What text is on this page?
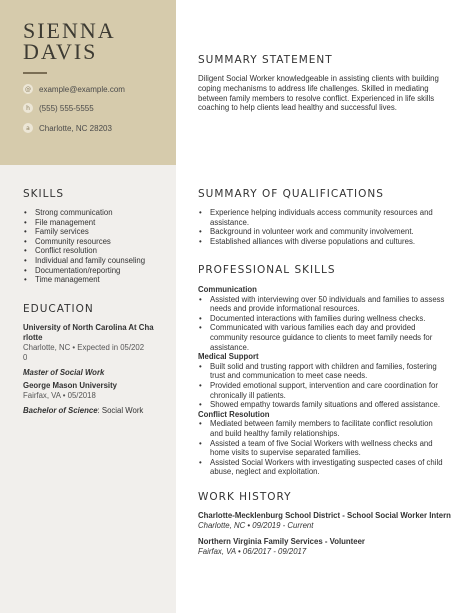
SIENNA
DAVIS
@ example@example.com
h	(555) 555-5555
a	Charlotte, NC 28203
SUMMARY STATEMENT
Diligent Social Worker knowledgeable in assisting clients with building
coping mechanisms to address life challenges. Skilled in mediating
between family members to resolve conflict. Experienced in life skills
coaching to help clients lead healthy and successful lives.
SKILLS
• Strong communication
• File management
• Family services
• Community resources
• Conflict resolution
• Individual and family counseling
• Documentation/reporting
• Time management
EDUCATION
University of North Carolina At Cha
rlotte
Charlotte, NC • Expected in 05/202
0
Master of Social Work
George Mason University
Fairfax, VA • 05/2018
Bachelor of Science: Social Work
SUMMARY OF QUALIFICATIONS
• Experience helping individuals access community resources and
assistance.
• Background in volunteer work and community involvement.
• Established alliances with diverse populations and cultures.
PROFESSIONAL SKILLS
Communication
• Assisted with interviewing over 50 individuals and families to assess
needs and provide informational resources.
• Documented interactions with families during wellness checks.
• Communicated with various families each day and provided
community resource guidance to clients to meet family needs for
assistance.
Medical Support
• Built solid and trusting rapport with children and families, fostering
trust and communication to meet case needs.
• Provided emotional support, intervention and care coordination for
chronically ill patients.
• Showed empathy towards family situations and offered assistance.
Conflict Resolution
• Mediated between family members to facilitate conflict resolution
and build healthy family relationships.
• Assisted a team of five Social Workers with wellness checks and
home visits to supervise separated families.
• Assisted Social Workers with investigating suspected cases of child
abuse, neglect and exploitation.
WORK HISTORY
Charlotte-Mecklenburg School District - School Social Worker Intern
Charlotte, NC • 09/2019 - Current
Northern Virginia Family Services - Volunteer
Fairfax, VA • 06/2017 - 09/2017
